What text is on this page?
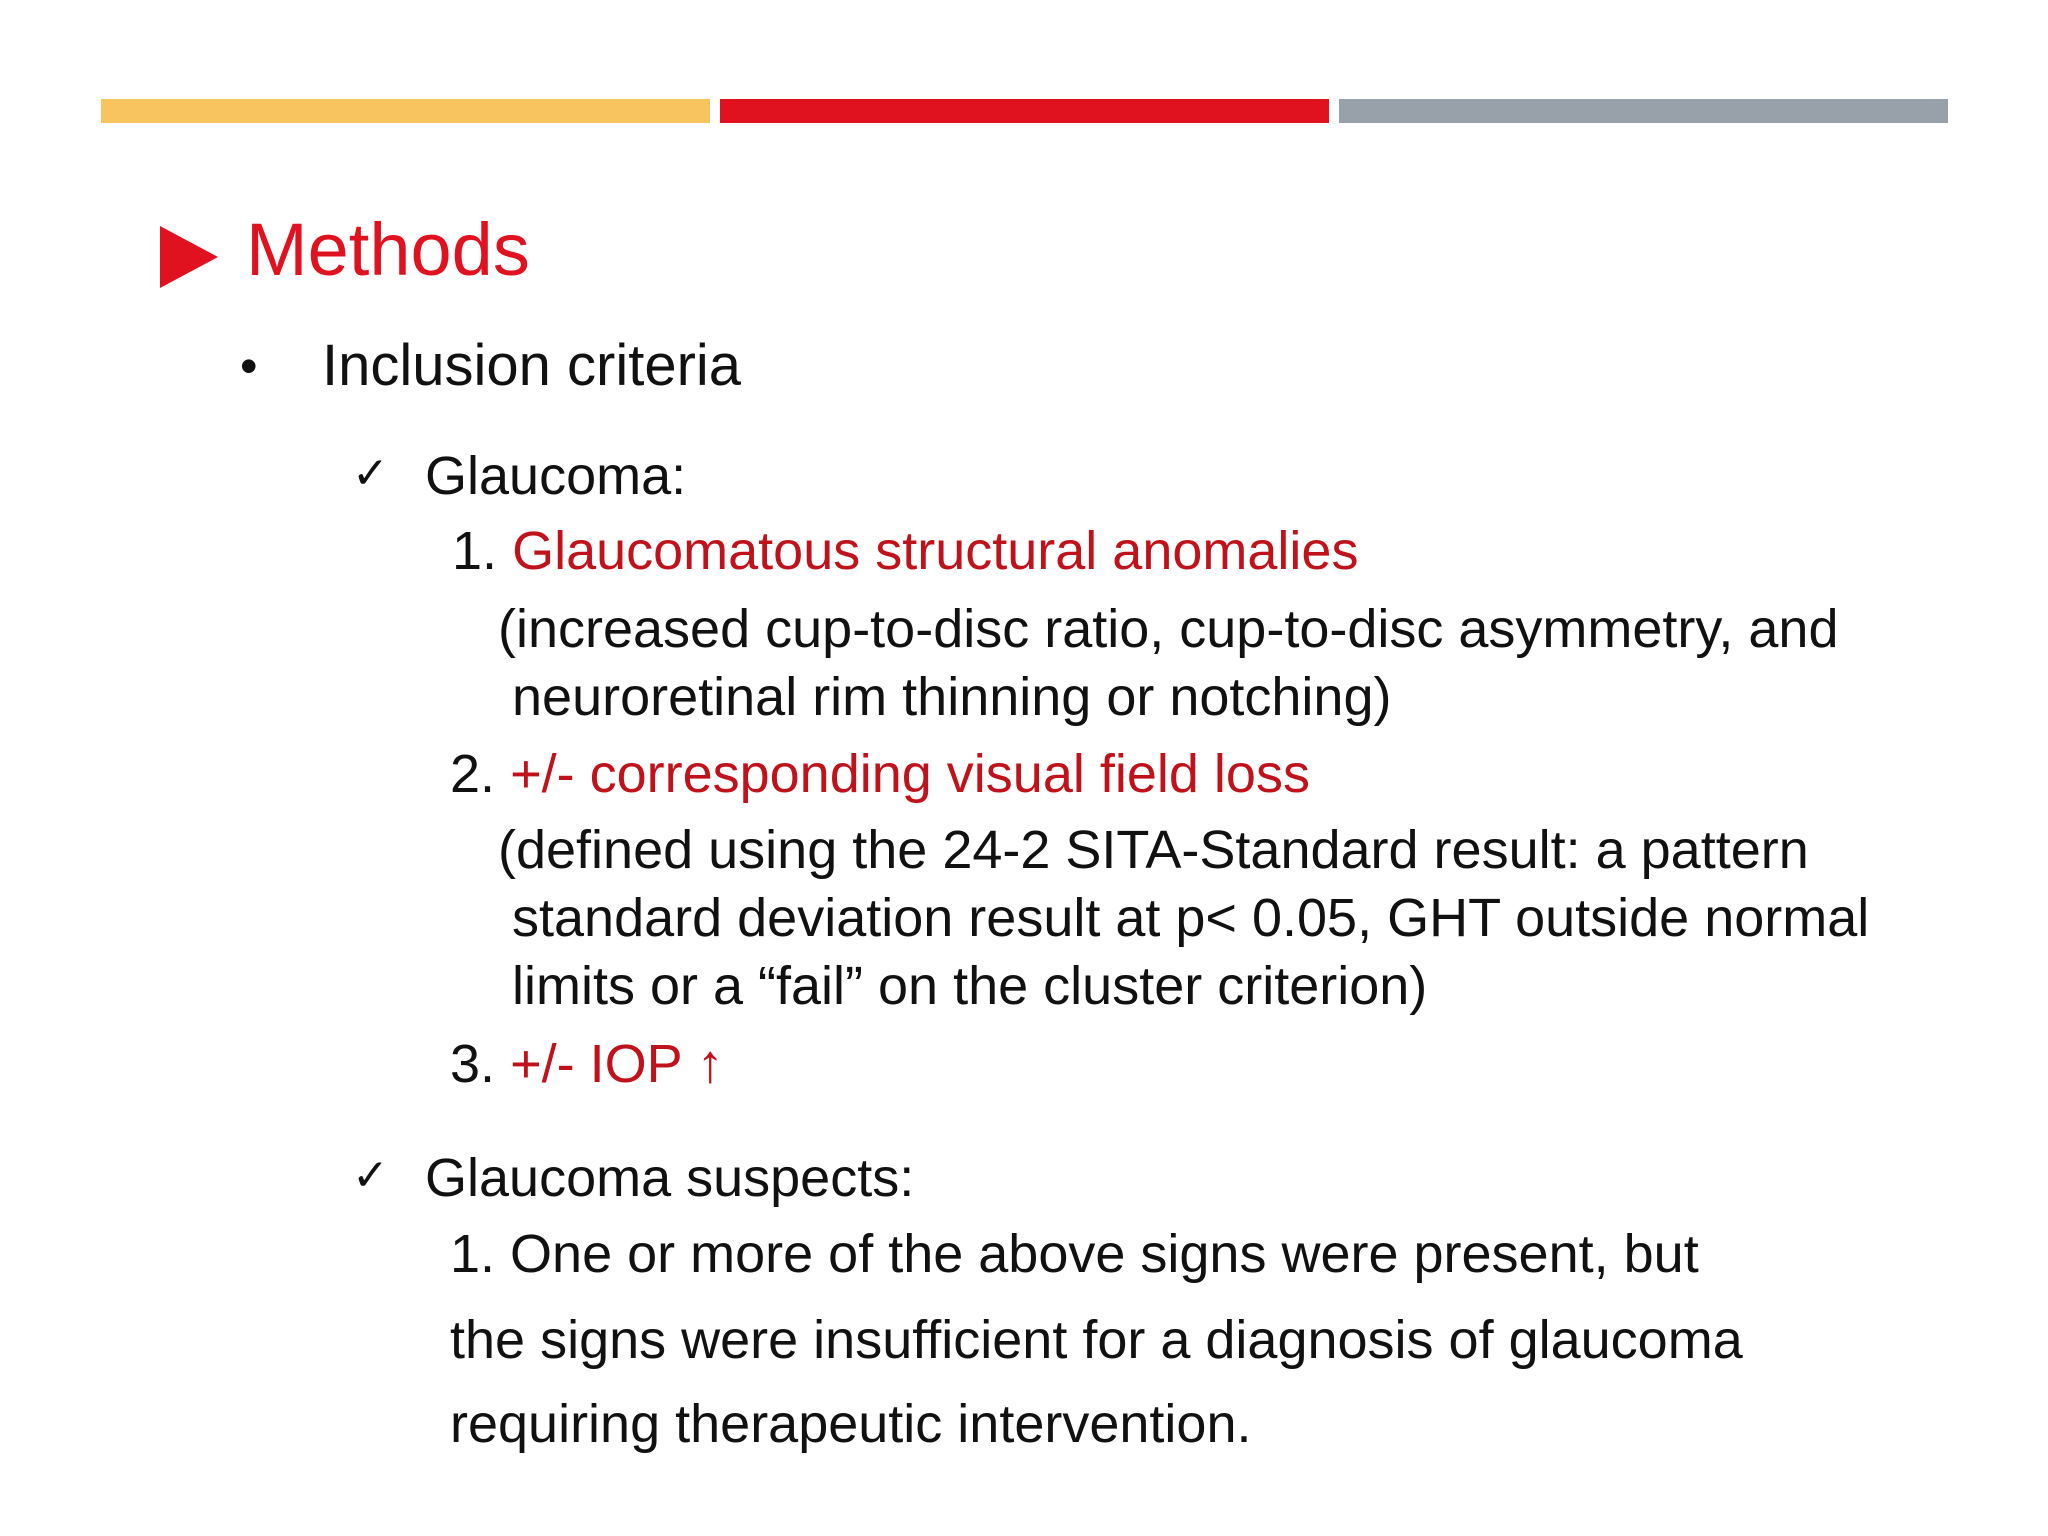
Methods
• Inclusion criteria
✓ Glaucoma:
1. Glaucomatous structural anomalies
(increased cup-to-disc ratio, cup-to-disc asymmetry, and
neuroretinal rim thinning or notching)
2. +/- corresponding visual field loss
(defined using the 24-2 SITA-Standard result: a pattern
standard deviation result at p< 0.05, GHT outside normal
limits or a “fail” on the cluster criterion)
3. +/- IOP ↑
✓ Glaucoma suspects:
1. One or more of the above signs were present, but
the signs were insufficient for a diagnosis of glaucoma
requiring therapeutic intervention.
